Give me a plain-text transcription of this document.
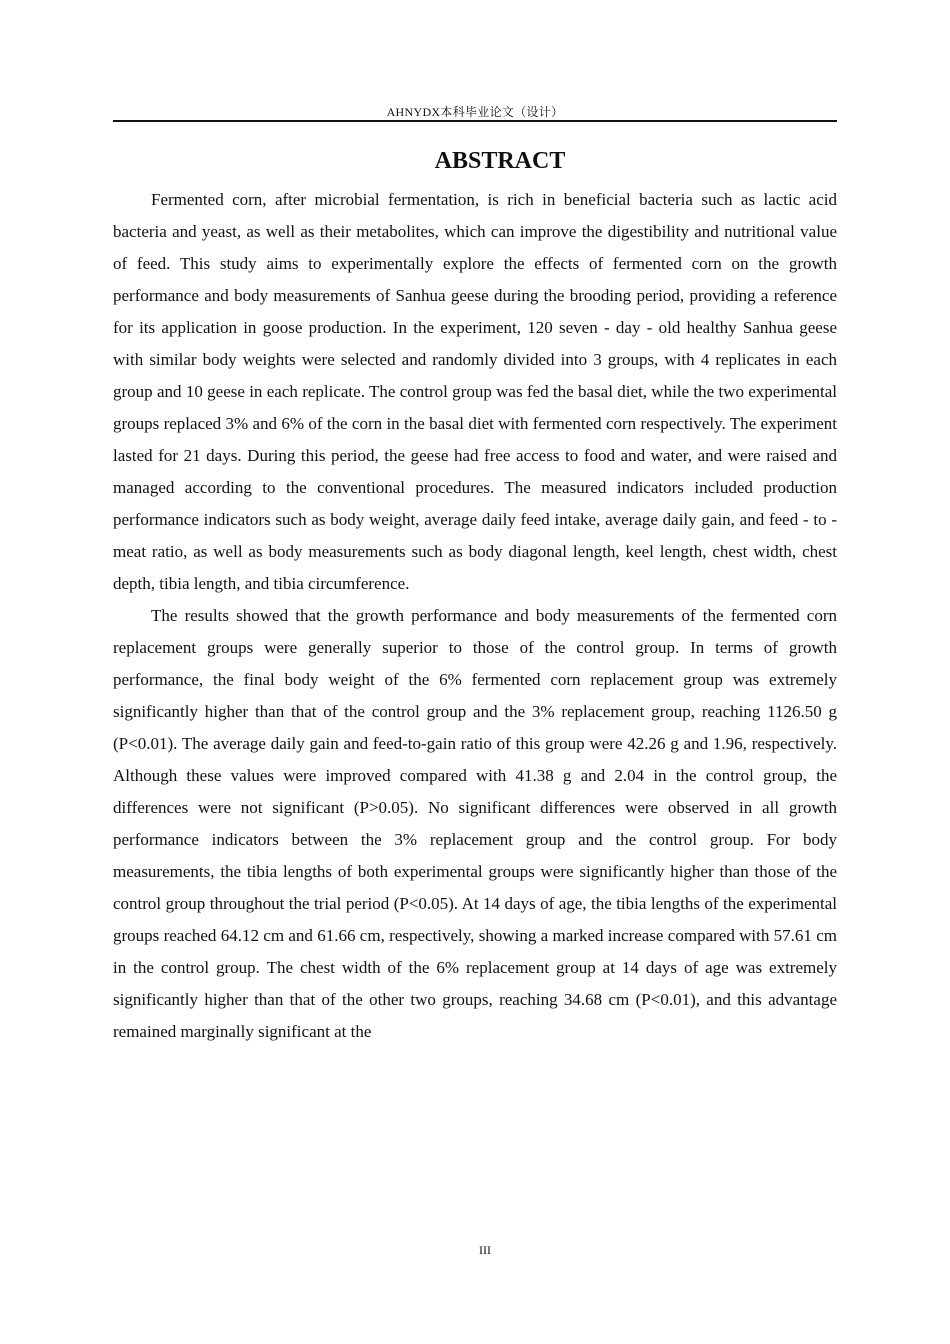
AHNYDX本科毕业论文（设计）
ABSTRACT

Fermented corn, after microbial fermentation, is rich in beneficial bacteria such as lactic acid bacteria and yeast, as well as their metabolites, which can improve the digestibility and nutritional value of feed. This study aims to experimentally explore the effects of fermented corn on the growth performance and body measurements of Sanhua geese during the brooding period, providing a reference for its application in goose production. In the experiment, 120 seven - day - old healthy Sanhua geese with similar body weights were selected and randomly divided into 3 groups, with 4 replicates in each group and 10 geese in each replicate. The control group was fed the basal diet, while the two experimental groups replaced 3% and 6% of the corn in the basal diet with fermented corn respectively. The experiment lasted for 21 days. During this period, the geese had free access to food and water, and were raised and managed according to the conventional procedures. The measured indicators included production performance indicators such as body weight, average daily feed intake, average daily gain, and feed - to - meat ratio, as well as body measurements such as body diagonal length, keel length, chest width, chest depth, tibia length, and tibia circumference.

The results showed that the growth performance and body measurements of the fermented corn replacement groups were generally superior to those of the control group. In terms of growth performance, the final body weight of the 6% fermented corn replacement group was extremely significantly higher than that of the control group and the 3% replacement group, reaching 1126.50 g (P<0.01). The average daily gain and feed-to-gain ratio of this group were 42.26 g and 1.96, respectively. Although these values were improved compared with 41.38 g and 2.04 in the control group, the differences were not significant (P>0.05). No significant differences were observed in all growth performance indicators between the 3% replacement group and the control group. For body measurements, the tibia lengths of both experimental groups were significantly higher than those of the control group throughout the trial period (P<0.05). At 14 days of age, the tibia lengths of the experimental groups reached 64.12 cm and 61.66 cm, respectively, showing a marked increase compared with 57.61 cm in the control group. The chest width of the 6% replacement group at 14 days of age was extremely significantly higher than that of the other two groups, reaching 34.68 cm (P<0.01), and this advantage remained marginally significant at the

III
